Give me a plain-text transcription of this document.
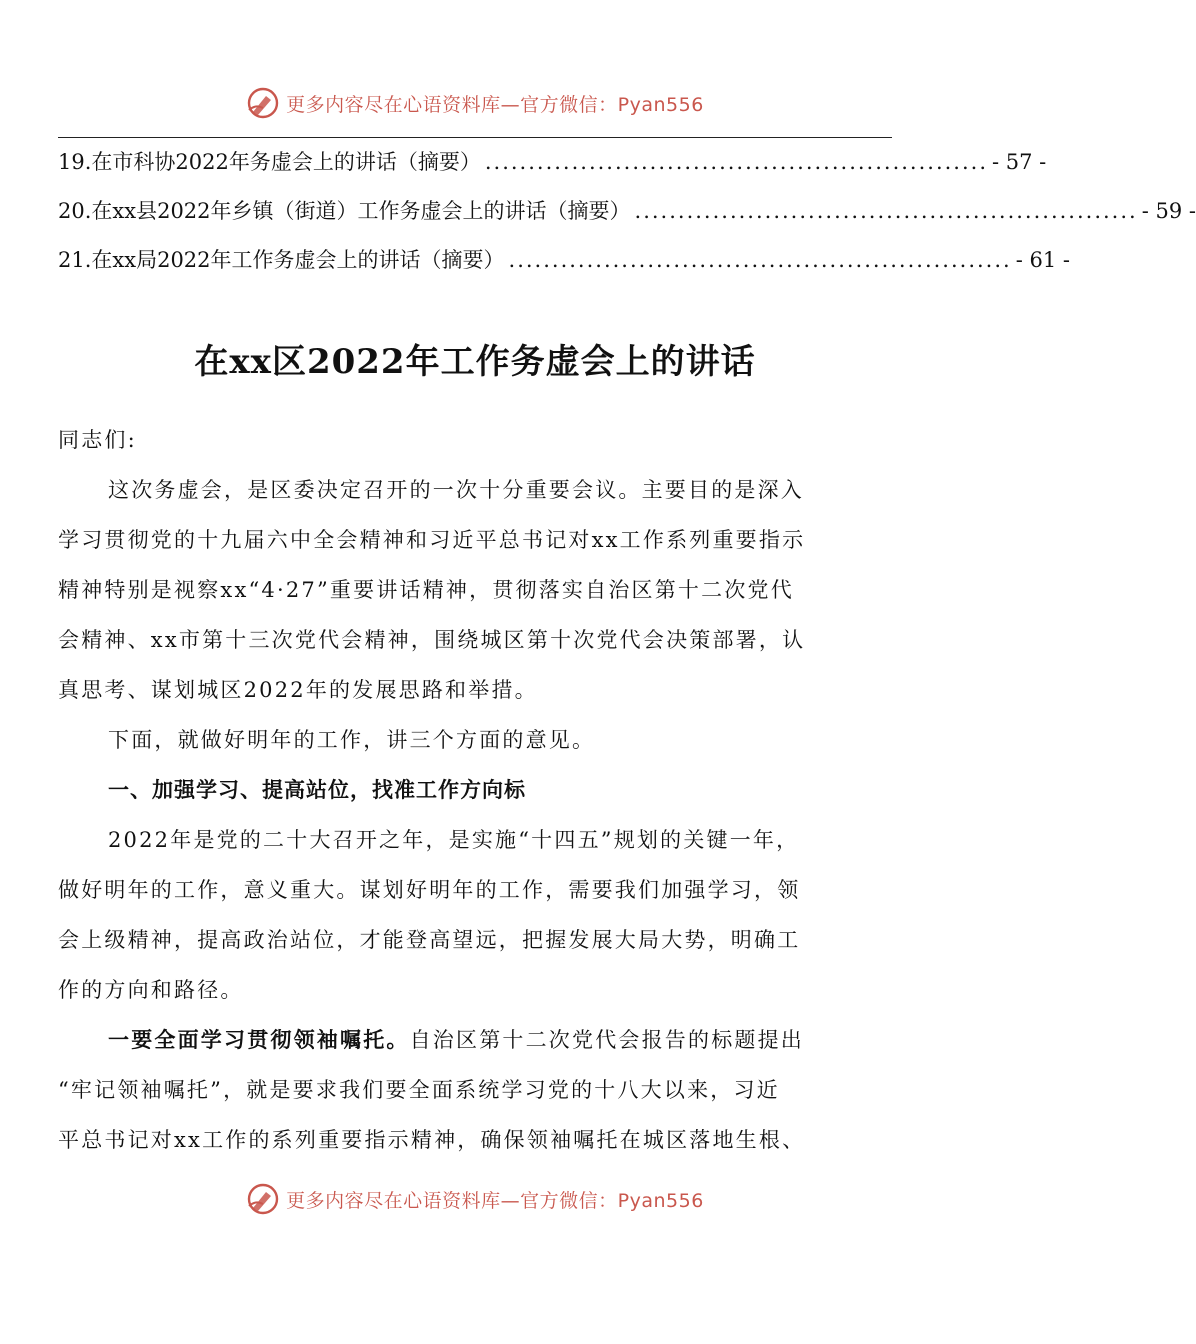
更多内容尽在心语资料库—官方微信：Pyan556
19.在市科协2022年务虚会上的讲话（摘要） .......................................................... - 57 -
20.在xx县2022年乡镇（街道）工作务虚会上的讲话（摘要） .......................................................... - 59 -
21.在xx局2022年工作务虚会上的讲话（摘要） .......................................................... - 61 -
在xx区2022年工作务虚会上的讲话
同志们:
这次务虚会，是区委决定召开的一次十分重要会议。主要目的是深入
学习贯彻党的十九届六中全会精神和习近平总书记对xx工作系列重要指示
精神特别是视察xx“4·27”重要讲话精神，贯彻落实自治区第十二次党代
会精神、xx市第十三次党代会精神，围绕城区第十次党代会决策部署，认
真思考、谋划城区2022年的发展思路和举措。
下面，就做好明年的工作，讲三个方面的意见。
一、加强学习、提高站位，找准工作方向标
2022年是党的二十大召开之年，是实施“十四五”规划的关键一年，
做好明年的工作，意义重大。谋划好明年的工作，需要我们加强学习，领
会上级精神，提高政治站位，才能登高望远，把握发展大局大势，明确工
作的方向和路径。
一要全面学习贯彻领袖嘱托。自治区第十二次党代会报告的标题提出
“牢记领袖嘱托”，就是要求我们要全面系统学习党的十八大以来，习近
平总书记对xx工作的系列重要指示精神，确保领袖嘱托在城区落地生根、
更多内容尽在心语资料库—官方微信：Pyan556
